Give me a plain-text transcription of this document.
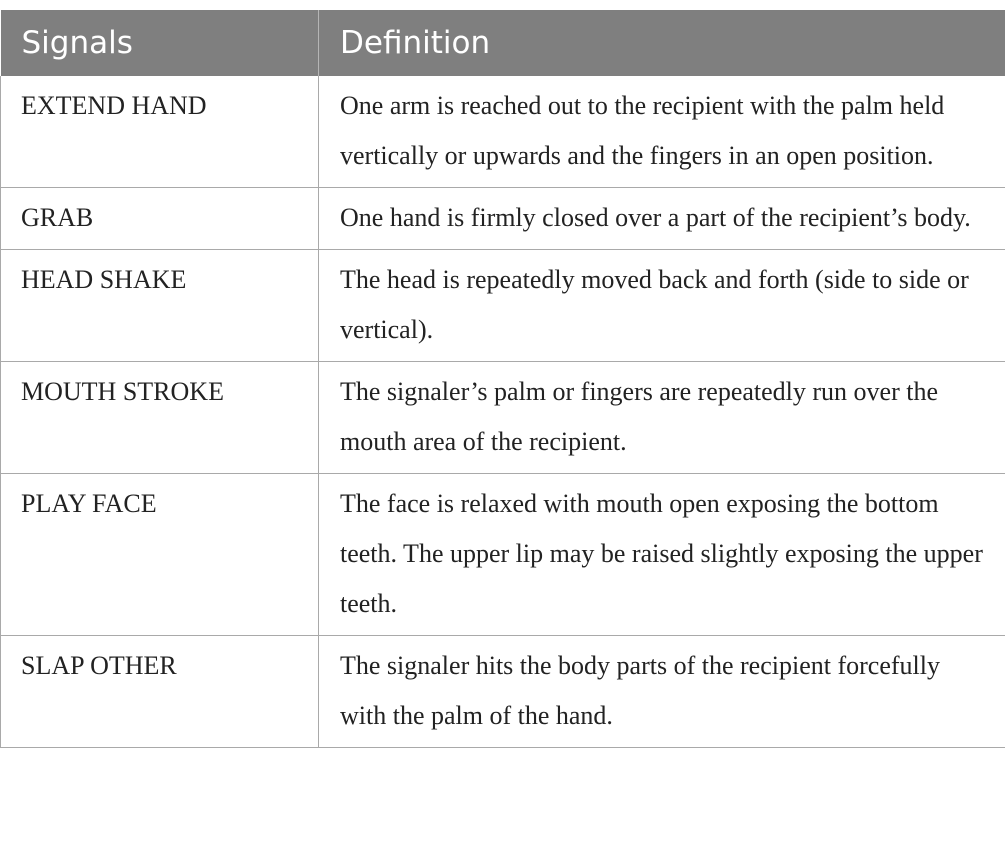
Signals	Definition
EXTEND HAND	One arm is reached out to the recipient with the palm held vertically or upwards and the fingers in an open position.
GRAB	One hand is firmly closed over a part of the recipient’s body.
HEAD SHAKE	The head is repeatedly moved back and forth (side to side or vertical).
MOUTH STROKE	The signaler’s palm or fingers are repeatedly run over the mouth area of the recipient.
PLAY FACE	The face is relaxed with mouth open exposing the bottom teeth. The upper lip may be raised slightly exposing the upper teeth.
SLAP OTHER	The signaler hits the body parts of the recipient forcefully with the palm of the hand.
